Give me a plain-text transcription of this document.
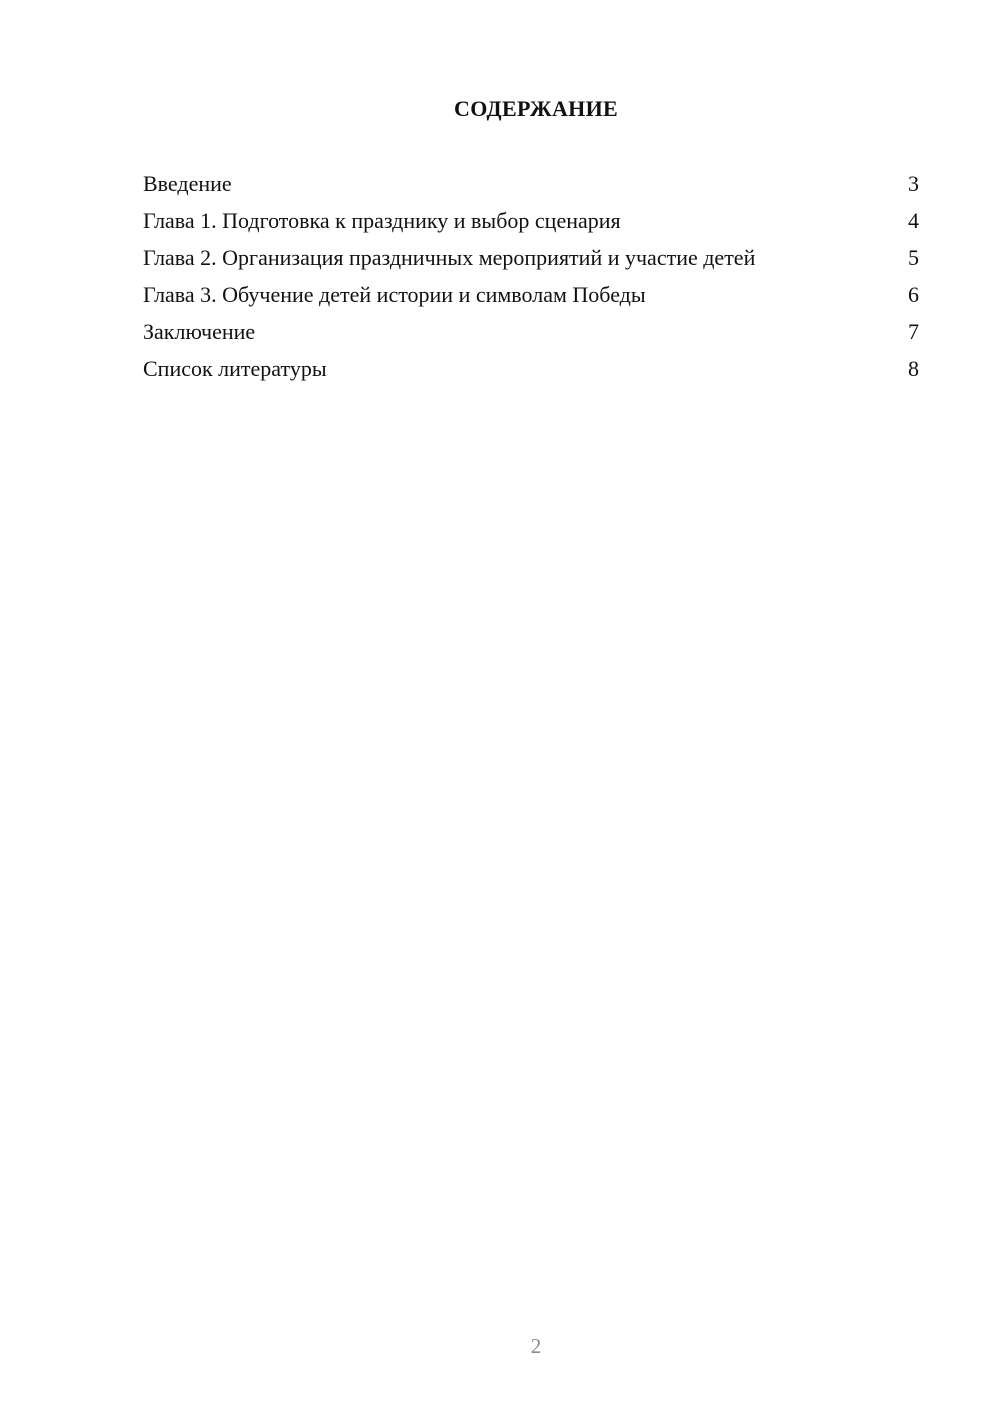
СОДЕРЖАНИЕ
Введение	3
Глава 1. Подготовка к празднику и выбор сценария	4
Глава 2. Организация праздничных мероприятий и участие детей	5
Глава 3. Обучение детей истории и символам Победы	6
Заключение	7
Список литературы	8
2
